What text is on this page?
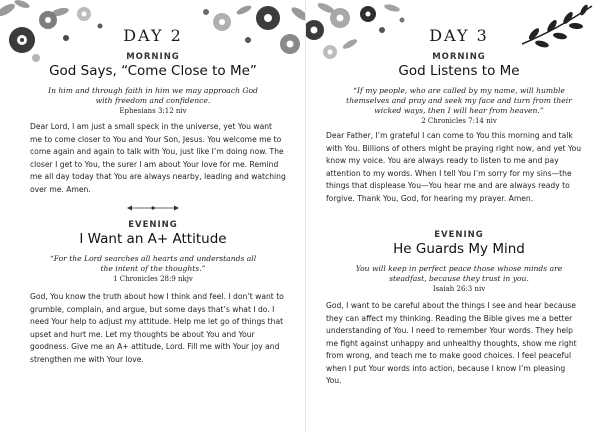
DAY 2
MORNING
God Says, “Come Close to Me”
In him and through faith in him we may approach God with freedom and confidence.
Ephesians 3:12 niv
Dear Lord, I am just a small speck in the universe, yet You want me to come closer to You and Your Son, Jesus. You welcome me to come again and again to talk with You, just like I’m doing now. The closer I get to You, the surer I am about Your love for me. Remind me all day today that You are always nearby, leading and watching over me. Amen.
EVENING
I Want an A+ Attitude
“For the Lord searches all hearts and understands all the intent of the thoughts.”
1 Chronicles 28:9 nkjv
God, You know the truth about how I think and feel. I don’t want to grumble, complain, and argue, but some days that’s what I do. I need Your help to adjust my attitude. Help me let go of things that upset and hurt me. Let my thoughts be about You and Your goodness. Give me an A+ attitude, Lord. Fill me with Your joy and strengthen me with Your love.
DAY 3
MORNING
God Listens to Me
“If my people, who are called by my name, will humble themselves and pray and seek my face and turn from their wicked ways, then I will hear from heaven.”
2 Chronicles 7:14 niv
Dear Father, I’m grateful I can come to You this morning and talk with You. Billions of others might be praying right now, and yet You know my voice. You are always ready to listen to me and pay attention to my words. When I tell You I’m sorry for my sins—the things that displease You—You hear me and are always ready to forgive. Thank You, God, for hearing my prayer. Amen.
EVENING
He Guards My Mind
You will keep in perfect peace those whose minds are steadfast, because they trust in you.
Isaiah 26:3 niv
God, I want to be careful about the things I see and hear because they can affect my thinking. Reading the Bible gives me a better understanding of You. I need to remember Your words. They help me fight against unhappy and unhealthy thoughts, show me right from wrong, and teach me to make good choices. I feel peaceful when I put Your words into action, because I know I’m pleasing You.
